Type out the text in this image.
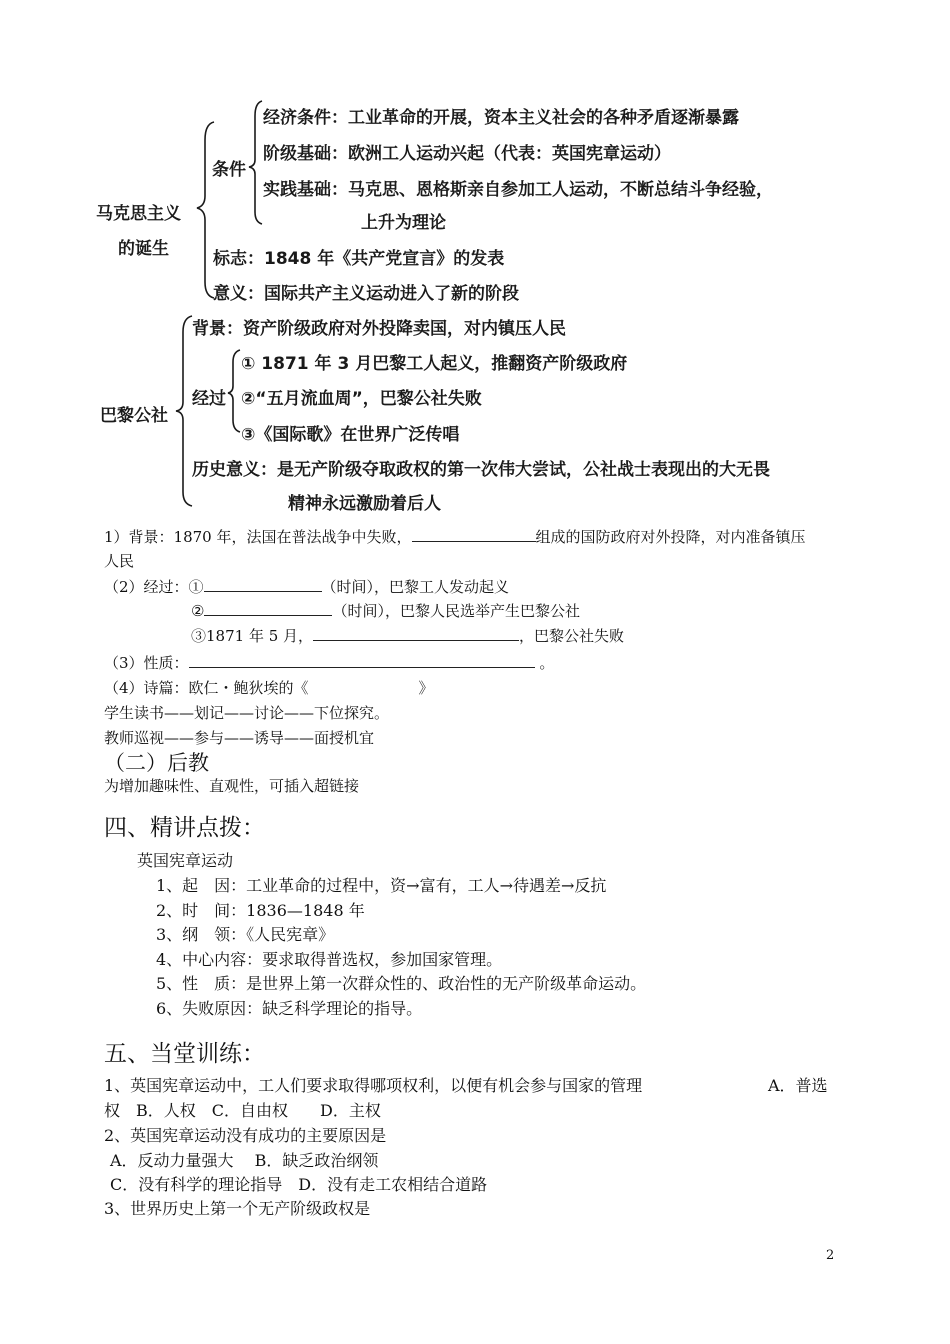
马克思主义
的诞生
条件
经济条件：工业革命的开展，资本主义社会的各种矛盾逐渐暴露
阶级基础：欧洲工人运动兴起（代表：英国宪章运动）
实践基础：马克思、恩格斯亲自参加工人运动，不断总结斗争经验，
上升为理论
标志：1848 年《共产党宣言》的发表
意义：国际共产主义运动进入了新的阶段
巴黎公社
背景：资产阶级政府对外投降卖国，对内镇压人民
经过
① 1871 年 3 月巴黎工人起义，推翻资产阶级政府
②“五月流血周”，巴黎公社失败
③《国际歌》在世界广泛传唱
历史意义：是无产阶级夺取政权的第一次伟大尝试，公社战士表现出的大无畏
精神永远激励着后人
1）背景：1870 年，法国在普法战争中失败，	组成的国防政府对外投降，对内准备镇压
人民
（2）经过：①	（时间），巴黎工人发动起义
②	（时间），巴黎人民选举产生巴黎公社
③1871 年 5 月，	，巴黎公社失败
（3）性质：	。
（4）诗篇：欧仁・鲍狄埃的《	》
学生读书——划记——讨论——下位探究。
教师巡视——参与——诱导——面授机宜
（二）后教
为增加趣味性、直观性，可插入超链接
四、精讲点拨：
英国宪章运动
1、起　因：工业革命的过程中，资→富有，工人→待遇差→反抗
2、时　间：1836—1848 年
3、纲　领：《人民宪章》
4、中心内容：要求取得普选权，参加国家管理。
5、性　质：是世界上第一次群众性的、政治性的无产阶级革命运动。
6、失败原因：缺乏科学理论的指导。
五、当堂训练：
1、英国宪章运动中，工人们要求取得哪项权利，以便有机会参与国家的管理	A．普选
权　B．人权　C．自由权　　D．主权
2、英国宪章运动没有成功的主要原因是
A．反动力量强大　 B．缺乏政治纲领
C．没有科学的理论指导　D．没有走工农相结合道路
3、世界历史上第一个无产阶级政权是
2
